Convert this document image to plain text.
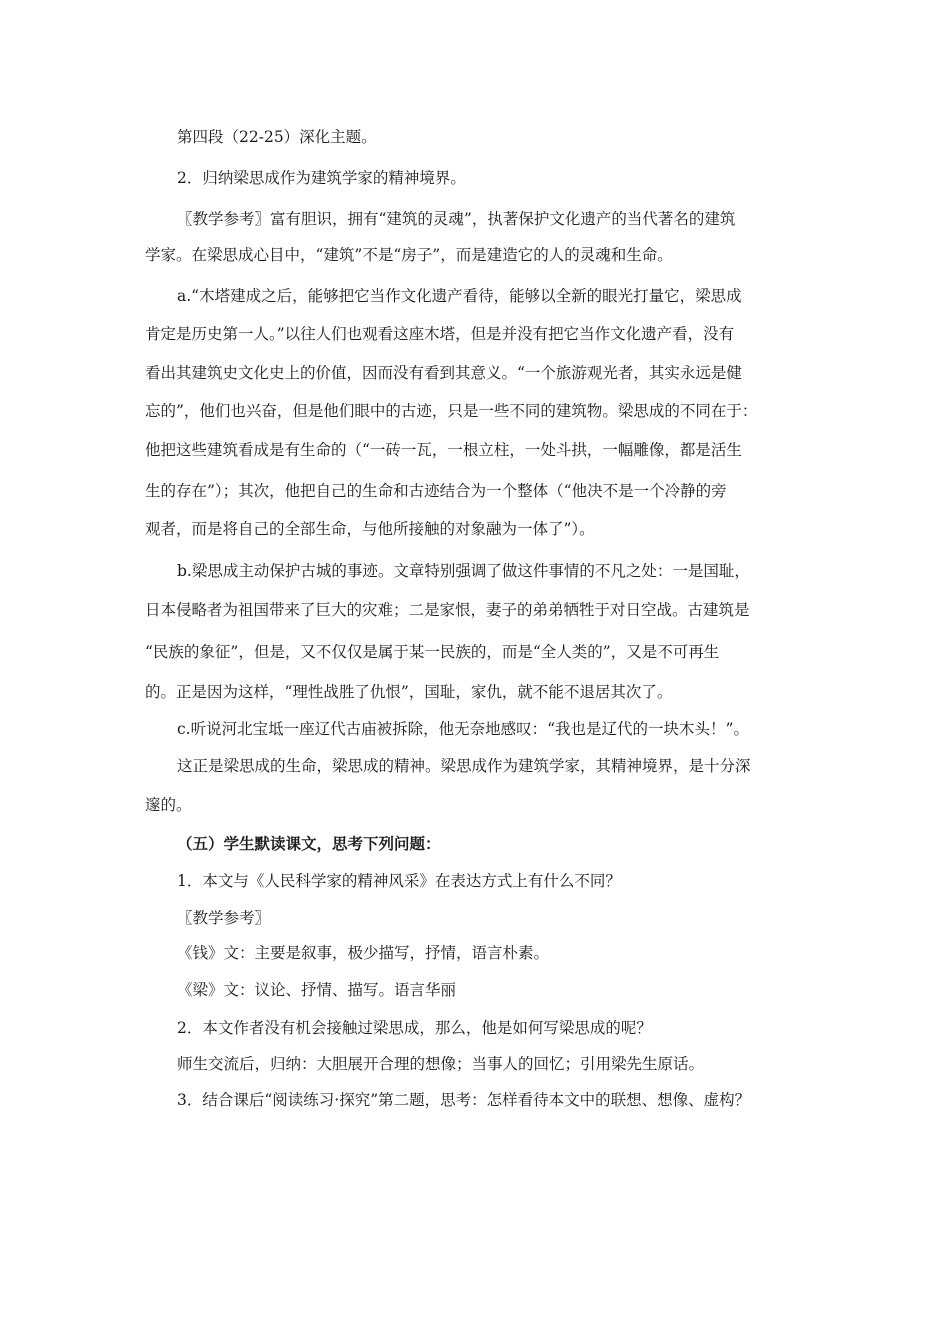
第四段（22-25）深化主题。

2．归纳梁思成作为建筑学家的精神境界。

〖教学参考〗富有胆识，拥有“建筑的灵魂”，执著保护文化遗产的当代著名的建筑

学家。在梁思成心目中，“建筑”不是“房子”，而是建造它的人的灵魂和生命。

a.“木塔建成之后，能够把它当作文化遗产看待，能够以全新的眼光打量它，梁思成

肯定是历史第一人。”以往人们也观看这座木塔，但是并没有把它当作文化遗产看，没有

看出其建筑史文化史上的价值，因而没有看到其意义。“一个旅游观光者，其实永远是健

忘的”，他们也兴奋，但是他们眼中的古迹，只是一些不同的建筑物。梁思成的不同在于：

他把这些建筑看成是有生命的（“一砖一瓦，一根立柱，一处斗拱，一幅雕像，都是活生

生的存在”）；其次，他把自己的生命和古迹结合为一个整体（“他决不是一个冷静的旁

观者，而是将自己的全部生命，与他所接触的对象融为一体了”）。

b.梁思成主动保护古城的事迹。文章特别强调了做这件事情的不凡之处：一是国耻，

日本侵略者为祖国带来了巨大的灾难；二是家恨，妻子的弟弟牺牲于对日空战。古建筑是

“民族的象征”，但是，又不仅仅是属于某一民族的，而是“全人类的”，又是不可再生

的。正是因为这样，“理性战胜了仇恨”，国耻，家仇，就不能不退居其次了。

c.听说河北宝坻一座辽代古庙被拆除，他无奈地感叹：“我也是辽代的一块木头！”。

这正是梁思成的生命，梁思成的精神。梁思成作为建筑学家，其精神境界，是十分深

邃的。

（五）学生默读课文，思考下列问题：

1．本文与《人民科学家的精神风采》在表达方式上有什么不同？

〖教学参考〗

《钱》文：主要是叙事，极少描写，抒情，语言朴素。

《梁》文：议论、抒情、描写。语言华丽

2．本文作者没有机会接触过梁思成，那么，他是如何写梁思成的呢？

师生交流后，归纳：大胆展开合理的想像；当事人的回忆；引用梁先生原话。

3．结合课后“阅读练习·探究”第二题，思考：怎样看待本文中的联想、想像、虚构？
